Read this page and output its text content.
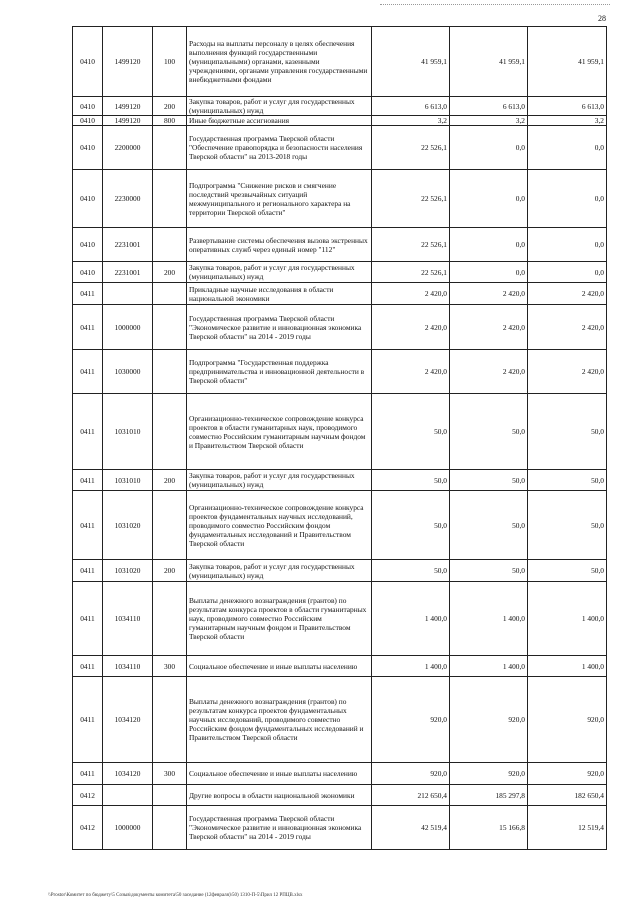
28
0410	1499120	100	Расходы на выплаты персоналу в целях обеспечения выполнения функций государственными (муниципальными) органами, казенными учреждениями, органами управления государственными внебюджетными фондами	41 959,1	41 959,1	41 959,1
0410	1499120	200	Закупка товаров, работ и услуг для государственных (муниципальных) нужд	6 613,0	6 613,0	6 613,0
0410	1499120	800	Иные бюджетные ассигнования	3,2	3,2	3,2
0410	2200000		Государственная программа Тверской области "Обеспечение правопорядка и безопасности населения Тверской области" на 2013-2018 годы	22 526,1	0,0	0,0
0410	2230000		Подпрограмма "Снижение рисков и смягчение последствий чрезвычайных ситуаций межмуниципального и регионального характера на территории Тверской области"	22 526,1	0,0	0,0
0410	2231001		Развертывание системы обеспечения вызова экстренных оперативных служб через единый номер "112"	22 526,1	0,0	0,0
0410	2231001	200	Закупка товаров, работ и услуг для государственных (муниципальных) нужд	22 526,1	0,0	0,0
0411			Прикладные научные исследования в области национальной экономики	2 420,0	2 420,0	2 420,0
0411	1000000		Государственная программа Тверской области "Экономическое развитие и инновационная экономика Тверской области" на 2014 - 2019 годы	2 420,0	2 420,0	2 420,0
0411	1030000		Подпрограмма "Государственная поддержка предпринимательства и инновационной деятельности в Тверской области"	2 420,0	2 420,0	2 420,0
0411	1031010		Организационно-техническое сопровождение конкурса проектов в области гуманитарных наук, проводимого совместно Российским гуманитарным научным фондом и Правительством Тверской области	50,0	50,0	50,0
0411	1031010	200	Закупка товаров, работ и услуг для государственных (муниципальных) нужд	50,0	50,0	50,0
0411	1031020		Организационно-техническое сопровождение конкурса проектов фундаментальных научных исследований, проводимого совместно Российским фондом фундаментальных исследований и Правительством Тверской области	50,0	50,0	50,0
0411	1031020	200	Закупка товаров, работ и услуг для государственных (муниципальных) нужд	50,0	50,0	50,0
0411	1034110		Выплаты денежного вознаграждения (грантов) по результатам конкурса проектов в области гуманитарных наук, проводимого совместно Российским гуманитарным научным фондом и Правительством Тверской области	1 400,0	1 400,0	1 400,0
0411	1034110	300	Социальное обеспечение и иные выплаты населению	1 400,0	1 400,0	1 400,0
0411	1034120		Выплаты денежного вознаграждения (грантов) по результатам конкурса проектов фундаментальных научных исследований, проводимого совместно Российским фондом фундаментальных исследований и Правительством Тверской области	920,0	920,0	920,0
0411	1034120	300	Социальное обеспечение и иные выплаты населению	920,0	920,0	920,0
0412			Другие вопросы в области национальной экономики	212 650,4	185 297,8	182 650,4
0412	1000000		Государственная программа Тверской области "Экономическое развитие и инновационная экономика Тверской области" на 2014 - 2019 годы	42 519,4	15 166,8	12 519,4
\\Prostor\Комитет по бюджету\5 Созыв\документы комитета\50 заседание (12февраля)\50) 1310-П-5\Прил 12 РПЦВ.xlsx
